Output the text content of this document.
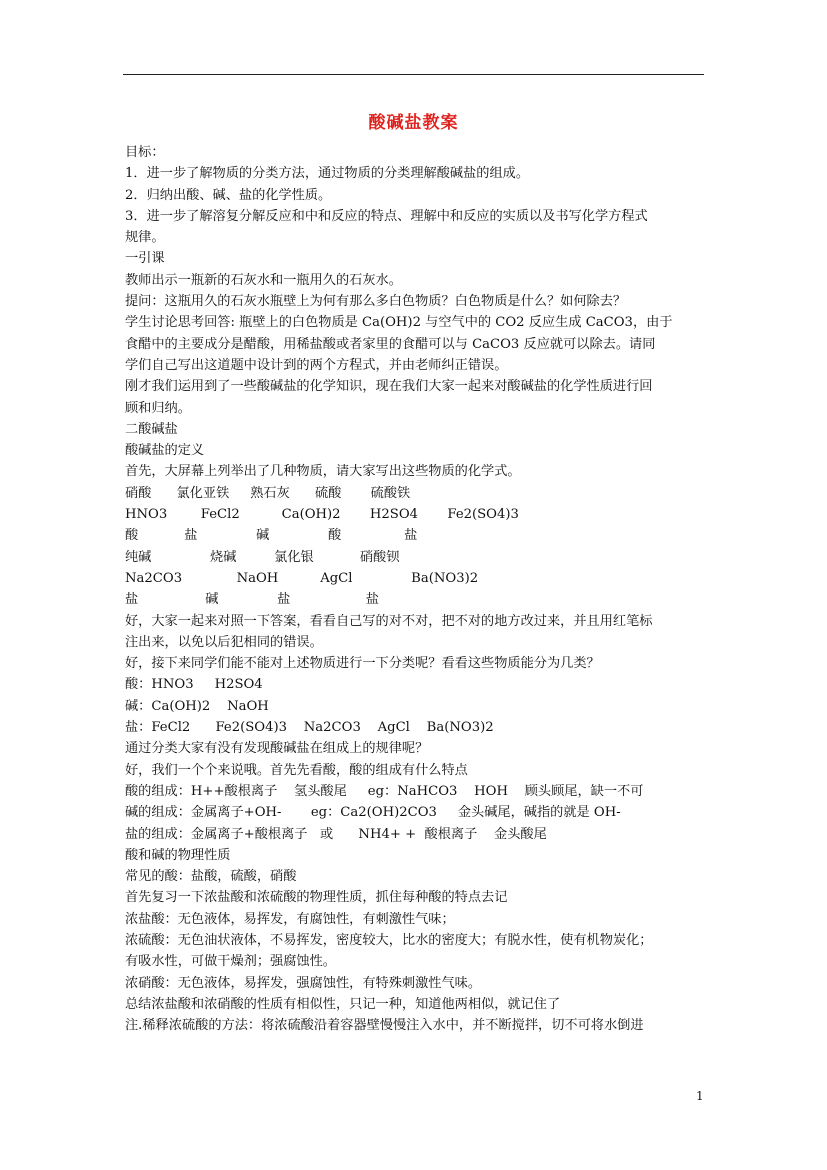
酸碱盐教案
目标：
1．进一步了解物质的分类方法，通过物质的分类理解酸碱盐的组成。
2．归纳出酸、碱、盐的化学性质。
3．进一步了解溶复分解反应和中和反应的特点、理解中和反应的实质以及书写化学方程式
规律。
一引课
教师出示一瓶新的石灰水和一瓶用久的石灰水。
提问：这瓶用久的石灰水瓶壁上为何有那么多白色物质？白色物质是什么？如何除去？
学生讨论思考回答: 瓶壁上的白色物质是 Ca(OH)2 与空气中的 CO2 反应生成 CaCO3，由于
食醋中的主要成分是醋酸，用稀盐酸或者家里的食醋可以与 CaCO3 反应就可以除去。请同
学们自己写出这道题中设计到的两个方程式，并由老师纠正错误。
刚才我们运用到了一些酸碱盐的化学知识，现在我们大家一起来对酸碱盐的化学性质进行回
顾和归纳。
二酸碱盐
酸碱盐的定义
首先，大屏幕上列举出了几种物质，请大家写出这些物质的化学式。
硝酸      氯化亚铁     熟石灰      硫酸       硫酸铁
HNO3        FeCl2          Ca(OH)2       H2SO4       Fe2(SO4)3
酸           盐              碱              酸               盐
纯碱              烧碱         氯化银           硝酸钡
Na2CO3             NaOH          AgCl              Ba(NO3)2
盐                碱              盐                  盐
好，大家一起来对照一下答案，看看自己写的对不对，把不对的地方改过来，并且用红笔标
注出来，以免以后犯相同的错误。
好，接下来同学们能不能对上述物质进行一下分类呢？看看这些物质能分为几类？
酸：HNO3     H2SO4
碱：Ca(OH)2    NaOH
盐：FeCl2      Fe2(SO4)3    Na2CO3    AgCl    Ba(NO3)2
通过分类大家有没有发现酸碱盐在组成上的规律呢？
好，我们一个个来说哦。首先先看酸，酸的组成有什么特点
酸的组成：H++酸根离子    氢头酸尾     eg：NaHCO3    HOH    顾头顾尾，缺一不可
碱的组成：金属离子+OH-       eg：Ca2(OH)2CO3     金头碱尾，碱指的就是 OH-
盐的组成：金属离子+酸根离子   或      NH4+ +  酸根离子    金头酸尾
酸和碱的物理性质
常见的酸：盐酸，硫酸，硝酸
首先复习一下浓盐酸和浓硫酸的物理性质，抓住每种酸的特点去记
浓盐酸：无色液体，易挥发，有腐蚀性，有刺激性气味；
浓硫酸：无色油状液体，不易挥发，密度较大，比水的密度大；有脱水性，使有机物炭化；
有吸水性，可做干燥剂；强腐蚀性。
浓硝酸：无色液体，易挥发，强腐蚀性，有特殊刺激性气味。
总结浓盐酸和浓硝酸的性质有相似性，只记一种，知道他两相似，就记住了
注.稀释浓硫酸的方法：将浓硫酸沿着容器壁慢慢注入水中，并不断搅拌，切不可将水倒进
1
